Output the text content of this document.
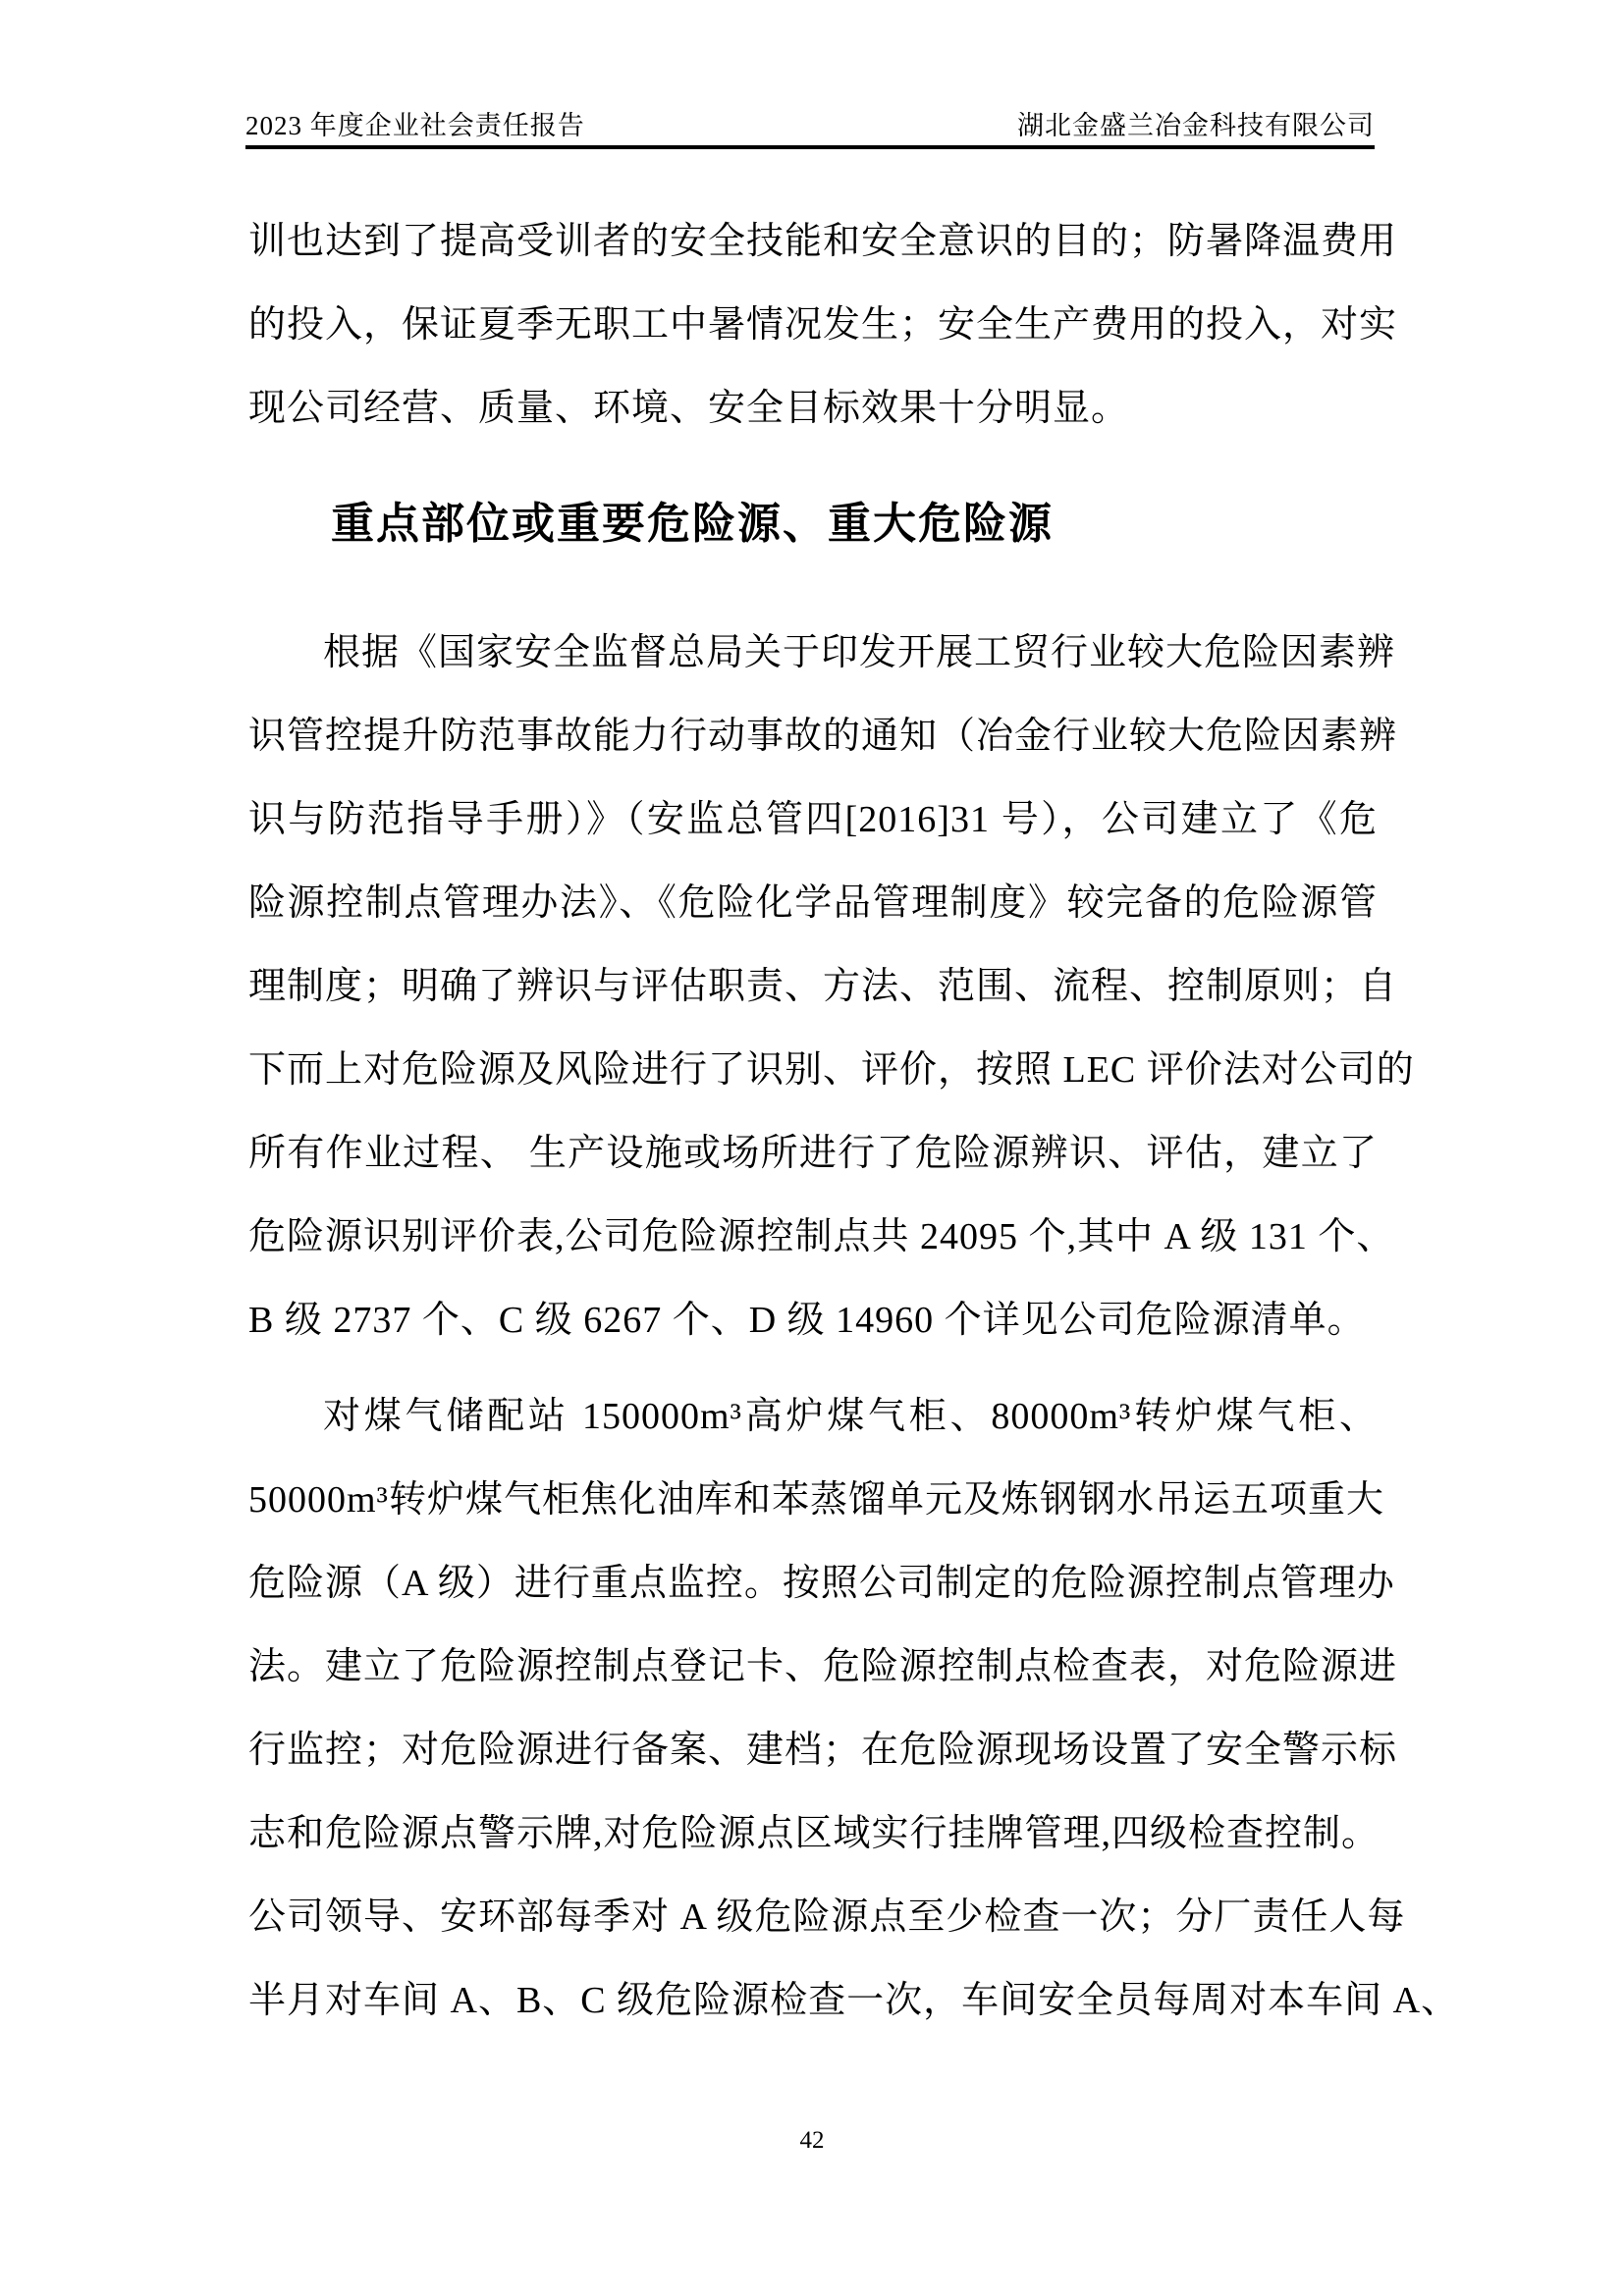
2023 年度企业社会责任报告	湖北金盛兰冶金科技有限公司
重点部位或重要危险源、重大危险源
训也达到了提高受训者的安全技能和安全意识的目的；防暑降温费用
的投入，保证夏季无职工中暑情况发生；安全生产费用的投入，对实
现公司经营、质量、环境、安全目标效果十分明显。
根据《国家安全监督总局关于印发开展工贸行业较大危险因素辨
识管控提升防范事故能力行动事故的通知（冶金行业较大危险因素辨
识与防范指导手册）》（安监总管四[2016]31 号），公司建立了《危
险源控制点管理办法》、《危险化学品管理制度》较完备的危险源管
理制度；明确了辨识与评估职责、方法、范围、流程、控制原则；自
下而上对危险源及风险进行了识别、评价，按照 LEC 评价法对公司的
所有作业过程、 生产设施或场所进行了危险源辨识、评估，建立了
危险源识别评价表,公司危险源控制点共 24095 个,其中 A 级 131 个、
B 级 2737 个、C 级 6267 个、D 级 14960 个详见公司危险源清单。
对煤气储配站 150000m³高炉煤气柜、80000m³转炉煤气柜、
50000m³转炉煤气柜焦化油库和苯蒸馏单元及炼钢钢水吊运五项重大
危险源（A 级）进行重点监控。按照公司制定的危险源控制点管理办
法。建立了危险源控制点登记卡、危险源控制点检查表，对危险源进
行监控；对危险源进行备案、建档；在危险源现场设置了安全警示标
志和危险源点警示牌,对危险源点区域实行挂牌管理,四级检查控制。
公司领导、安环部每季对 A 级危险源点至少检查一次；分厂责任人每
半月对车间 A、B、C 级危险源检查一次，车间安全员每周对本车间 A、
42
